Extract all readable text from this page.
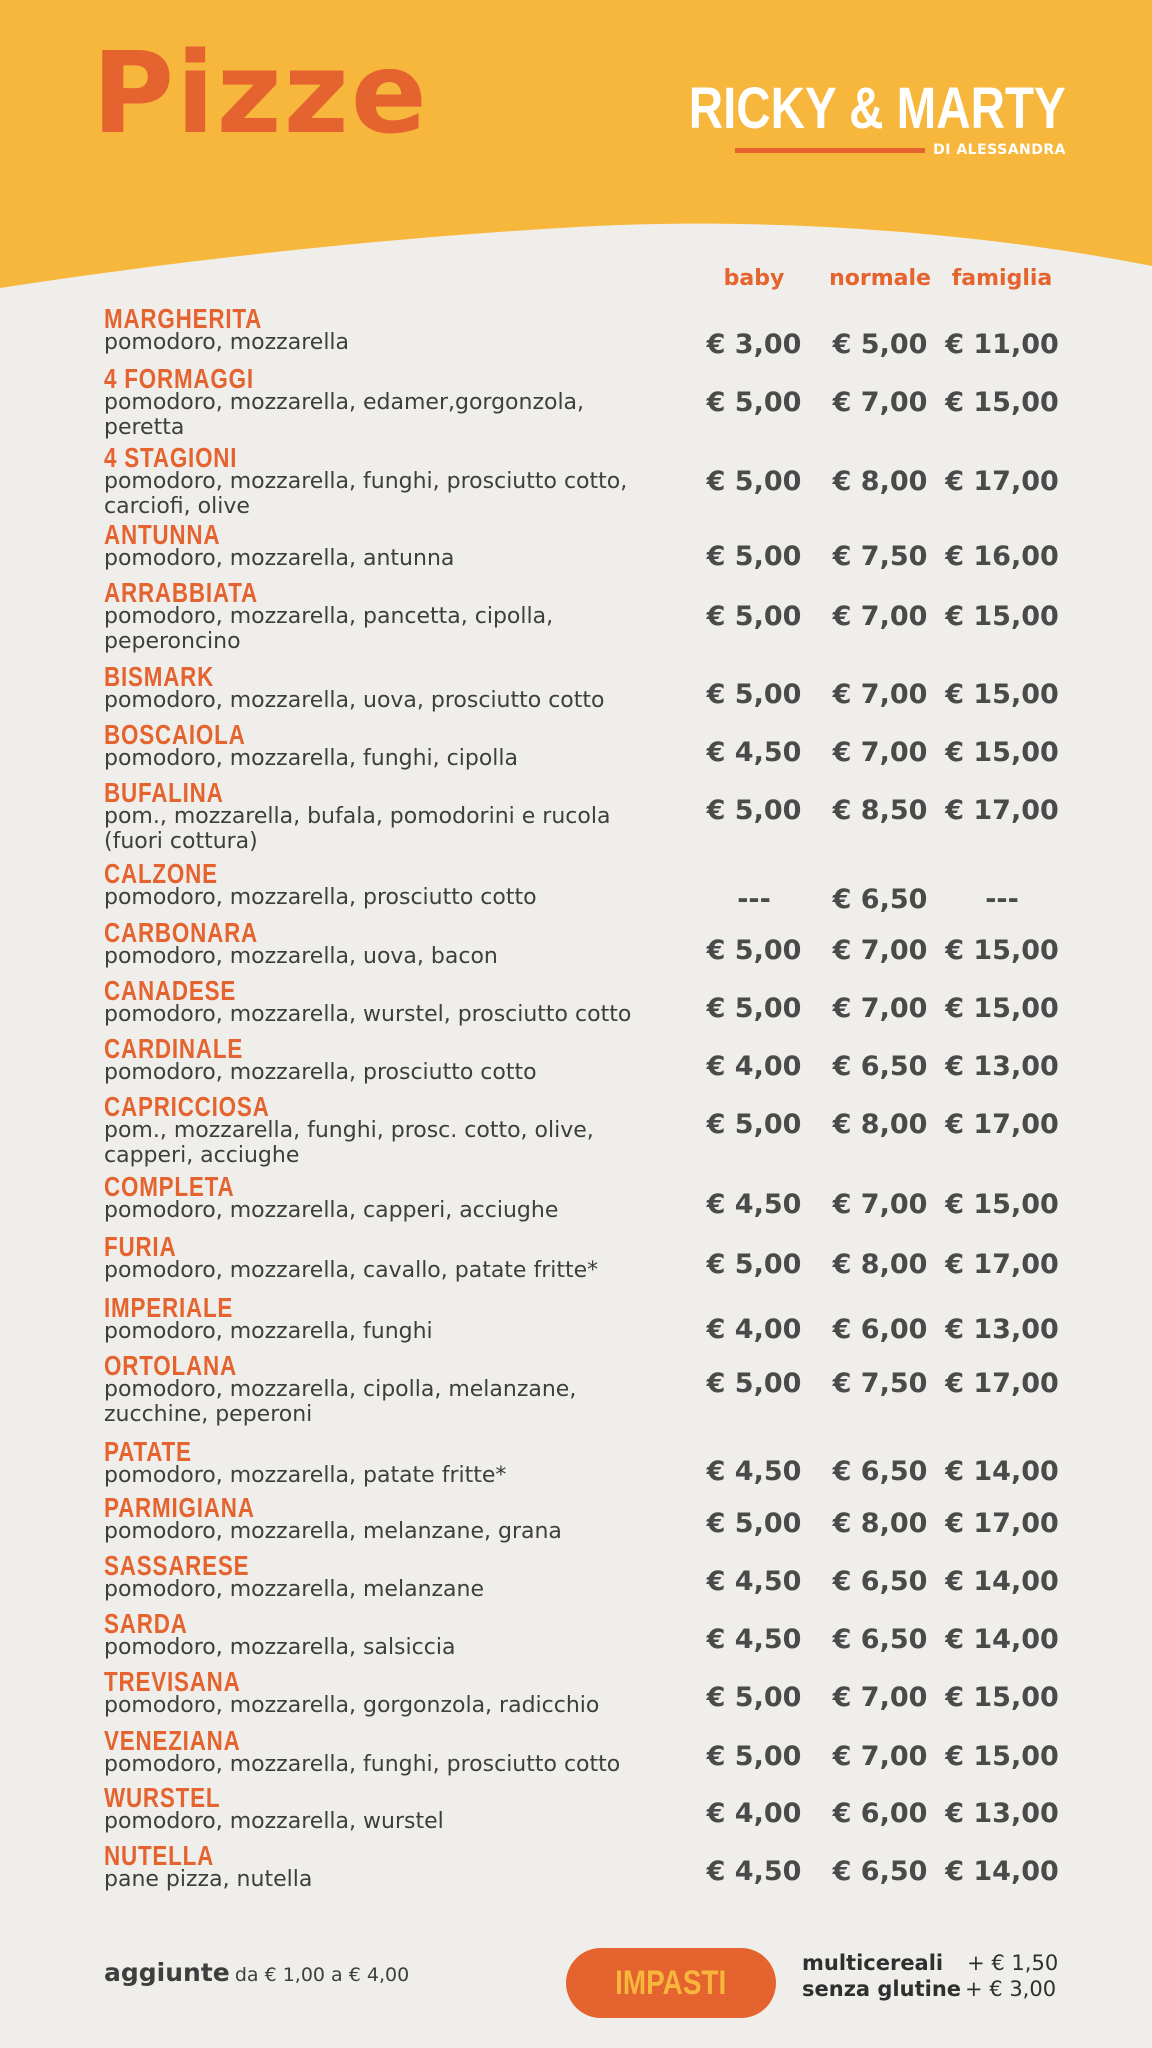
Pizze	RICKY & MARTY
DI ALESSANDRA
baby normale famiglia
MARGHERITA
pomodoro, mozzarella	€ 3,00 € 5,00 € 11,00
4 FORMAGGI
pomodoro, mozzarella, edamer,gorgonzola, peretta
€ 5,00 € 7,00 € 15,00
4 STAGIONI
pomodoro, mozzarella, funghi, prosciutto cotto, carciofi, olive
€ 5,00 € 8,00 € 17,00
ANTUNNA
pomodoro, mozzarella, antunna	€ 5,00 € 7,50 € 16,00
ARRABBIATA
pomodoro, mozzarella, pancetta, cipolla, peperoncino
€ 5,00 € 7,00 € 15,00
BISMARK
pomodoro, mozzarella, uova, prosciutto cotto	€ 5,00 € 7,00 € 15,00
BOSCAIOLA
pomodoro, mozzarella, funghi, cipolla	€ 4,50 € 7,00 € 15,00
BUFALINA
pom., mozzarella, bufala, pomodorini e rucola (fuori cottura)
€ 5,00 € 8,50 € 17,00
CALZONE
pomodoro, mozzarella, prosciutto cotto	--- € 6,50 ---
CARBONARA
pomodoro, mozzarella, uova, bacon	€ 5,00 € 7,00 € 15,00
CANADESE
pomodoro, mozzarella, wurstel, prosciutto cotto	€ 5,00 € 7,00 € 15,00
CARDINALE
pomodoro, mozzarella, prosciutto cotto	€ 4,00 € 6,50 € 13,00
CAPRICCIOSA
pom., mozzarella, funghi, prosc. cotto, olive, capperi, acciughe
€ 5,00 € 8,00 € 17,00
COMPLETA
pomodoro, mozzarella, capperi, acciughe	€ 4,50 € 7,00 € 15,00
FURIA
pomodoro, mozzarella, cavallo, patate fritte*	€ 5,00 € 8,00 € 17,00
IMPERIALE
pomodoro, mozzarella, funghi	€ 4,00 € 6,00 € 13,00
ORTOLANA
pomodoro, mozzarella, cipolla, melanzane, zucchine, peperoni
€ 5,00 € 7,50 € 17,00
PATATE
pomodoro, mozzarella, patate fritte*	€ 4,50 € 6,50 € 14,00
PARMIGIANA
pomodoro, mozzarella, melanzane, grana	€ 5,00 € 8,00 € 17,00
SASSARESE
pomodoro, mozzarella, melanzane	€ 4,50 € 6,50 € 14,00
SARDA
pomodoro, mozzarella, salsiccia	€ 4,50 € 6,50 € 14,00
TREVISANA
pomodoro, mozzarella, gorgonzola, radicchio	€ 5,00 € 7,00 € 15,00
VENEZIANA
pomodoro, mozzarella, funghi, prosciutto cotto	€ 5,00 € 7,00 € 15,00
WURSTEL
pomodoro, mozzarella, wurstel	€ 4,00 € 6,00 € 13,00
NUTELLA
pane pizza, nutella	€ 4,50 € 6,50 € 14,00
aggiunte da € 1,00 a € 4,00	IMPASTI
multicereali + € 1,50
senza glutine + € 3,00
